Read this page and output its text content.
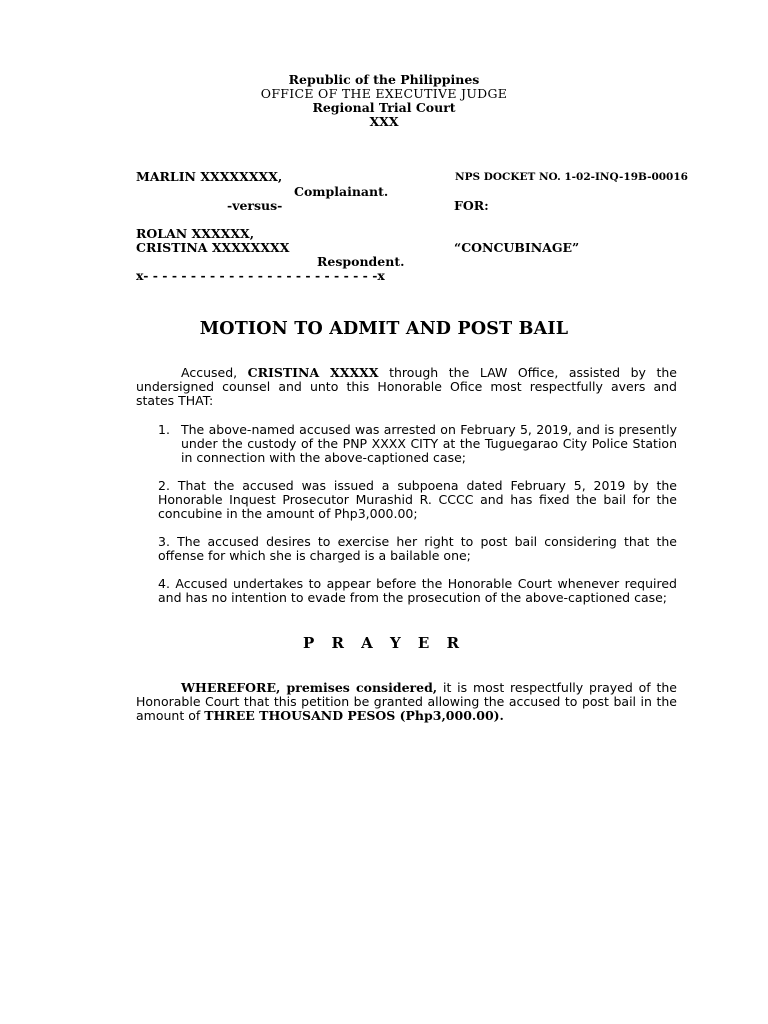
Republic of the Philippines
OFFICE OF THE EXECUTIVE JUDGE
Regional Trial Court
XXX
MARLIN XXXXXXXX,	NPS DOCKET NO. 1-02-INQ-19B-00016
Complainant.
-versus-	FOR:
ROLAN XXXXXX,
CRISTINA XXXXXXXX	“CONCUBINAGE”
Respondent.
x- - - - - - - - - - - - - - - - - - - - - - - - -x
MOTION TO ADMIT AND POST BAIL
Accused, CRISTINA XXXXX through the LAW Office, assisted by the undersigned counsel and unto this Honorable Ofice most respectfully avers and states THAT:
1. The above-named accused was arrested on February 5, 2019, and is presently under the custody of the PNP XXXX CITY at the Tuguegarao City Police Station in connection with the above-captioned case;
2. That the accused was issued a subpoena dated February 5, 2019 by the Honorable Inquest Prosecutor Murashid R. CCCC and has fixed the bail for the concubine in the amount of Php3,000.00;
3. The accused desires to exercise her right to post bail considering that the offense for which she is charged is a bailable one;
4. Accused undertakes to appear before the Honorable Court whenever required and has no intention to evade from the prosecution of the above-captioned case;
P R A Y E R
WHEREFORE, premises considered, it is most respectfully prayed of the Honorable Court that this petition be granted allowing the accused to post bail in the amount of THREE THOUSAND PESOS (Php3,000.00).
